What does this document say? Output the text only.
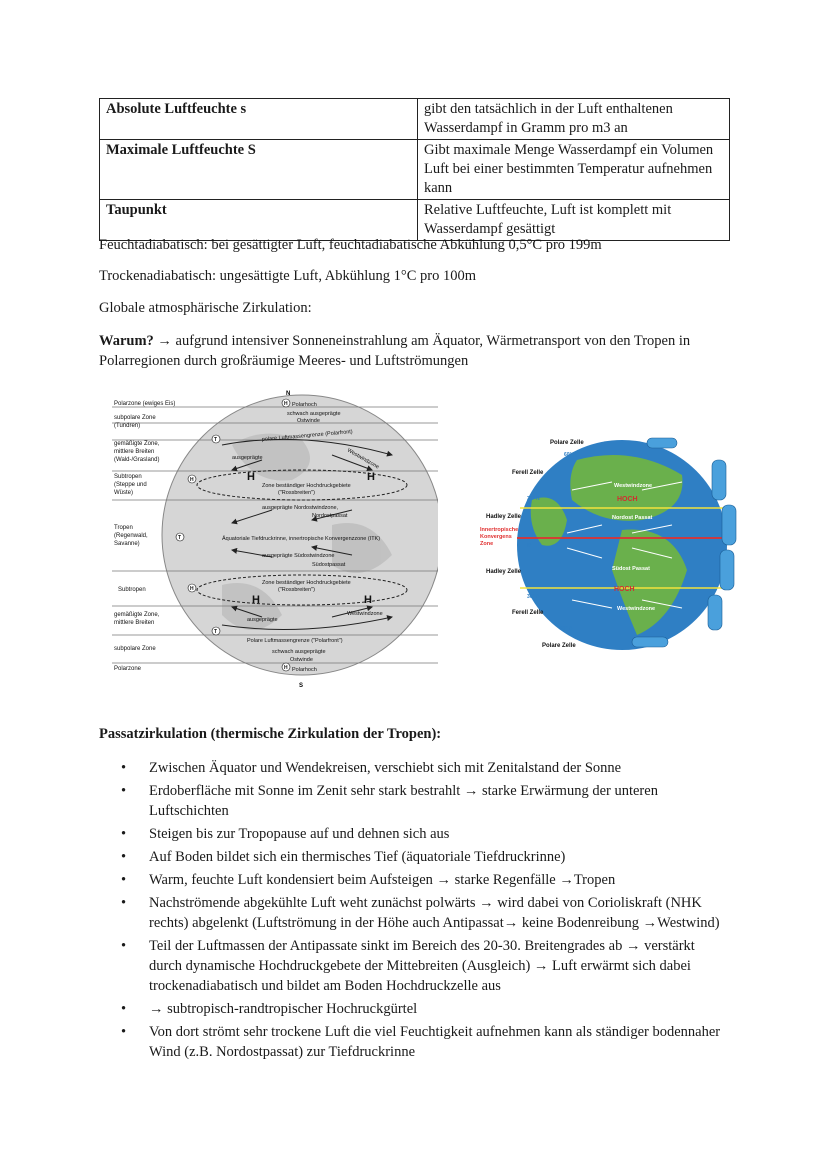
Absolute Luftfeuchte s	gibt den tatsächlich in der Luft enthaltenen Wasserdampf in Gramm pro m3 an
Maximale Luftfeuchte S	Gibt maximale Menge Wasserdampf ein Volumen Luft bei einer bestimmten Temperatur aufnehmen kann
Taupunkt	Relative Luftfeuchte, Luft ist komplett mit Wasserdampf gesättigt
Feuchtadiabatisch: bei gesättigter Luft, feuchtadiabatische Abkühlung 0,5°C pro 199m
Trockenadiabatisch: ungesättigte Luft, Abkühlung 1°C pro 100m
Globale atmosphärische Zirkulation:
Warum? → aufgrund intensiver Sonneneinstrahlung am Äquator, Wärmetransport von den Tropen in Polarregionen durch großräumige Meeres- und Luftströmungen
N
S
Polarzone (ewiges Eis)
subpolare Zone
(Tundren)
gemäßigte Zone,
mittlere Breiten
(Wald-/Grasland)
Subtropen
(Steppe und
Wüste)
Tropen
(Regenwald,
Savanne)
Subtropen
gemäßigte Zone,
mittlere Breiten
subpolare Zone
Polarzone
Polarhoch
schwach ausgeprägte
Ostwinde
polare Luftmassengrenze (Polarfront)
Westwindzone
ausgeprägte
Zone beständiger Hochdruckgebiete
("Rossbreiten")
ausgeprägte Nordostwindzone,
Nordostpassat
Äquatoriale Tiefdruckrinne, innertropische Konvergenzzone (ITK)
ausgeprägte Südostwindzone
Südostpassat
Zone beständiger Hochdruckgebiete
("Rossbreiten")
Westwindzone
ausgeprägte
Polare Luftmassengrenze ("Polarfront")
schwach ausgeprägte
Ostwinde
Polarhoch
H	H
H	H
H
H
T
H
H
T
T
Polare Zelle
Ferell Zelle
Hadley Zelle
Hadley Zelle
Ferell Zelle
Polare Zelle
60° N
30° N
0°
30° S
60° S
Innertropische
Konvergens
Zone
HOCH
HOCH
Nordost Passat
Südost Passat
Westwindzone
Westwindzone
Passatzirkulation (thermische Zirkulation der Tropen):
• Zwischen Äquator und Wendekreisen, verschiebt sich mit Zenitalstand der Sonne
• Erdoberfläche mit Sonne im Zenit sehr stark bestrahlt → starke Erwärmung der unteren Luftschichten
• Steigen bis zur Tropopause auf und dehnen sich aus
• Auf Boden bildet sich ein thermisches Tief (äquatoriale Tiefdruckrinne)
• Warm, feuchte Luft kondensiert beim Aufsteigen → starke Regenfälle →Tropen
• Nachströmende abgekühlte Luft weht zunächst polwärts → wird dabei von Corioliskraft (NHK rechts) abgelenkt (Luftströmung in der Höhe auch Antipassat→ keine Bodenreibung →Westwind)
• Teil der Luftmassen der Antipassate sinkt im Bereich des 20-30. Breitengrades ab → verstärkt durch dynamische Hochdruckgebete der Mittebreiten (Ausgleich) → Luft erwärmt sich dabei trockenadiabatisch und bildet am Boden Hochdruckzelle aus
• → subtropisch-randtropischer Hochruckgürtel
• Von dort strömt sehr trockene Luft die viel Feuchtigkeit aufnehmen kann als ständiger bodennaher Wind (z.B. Nordostpassat) zur Tiefdruckrinne
